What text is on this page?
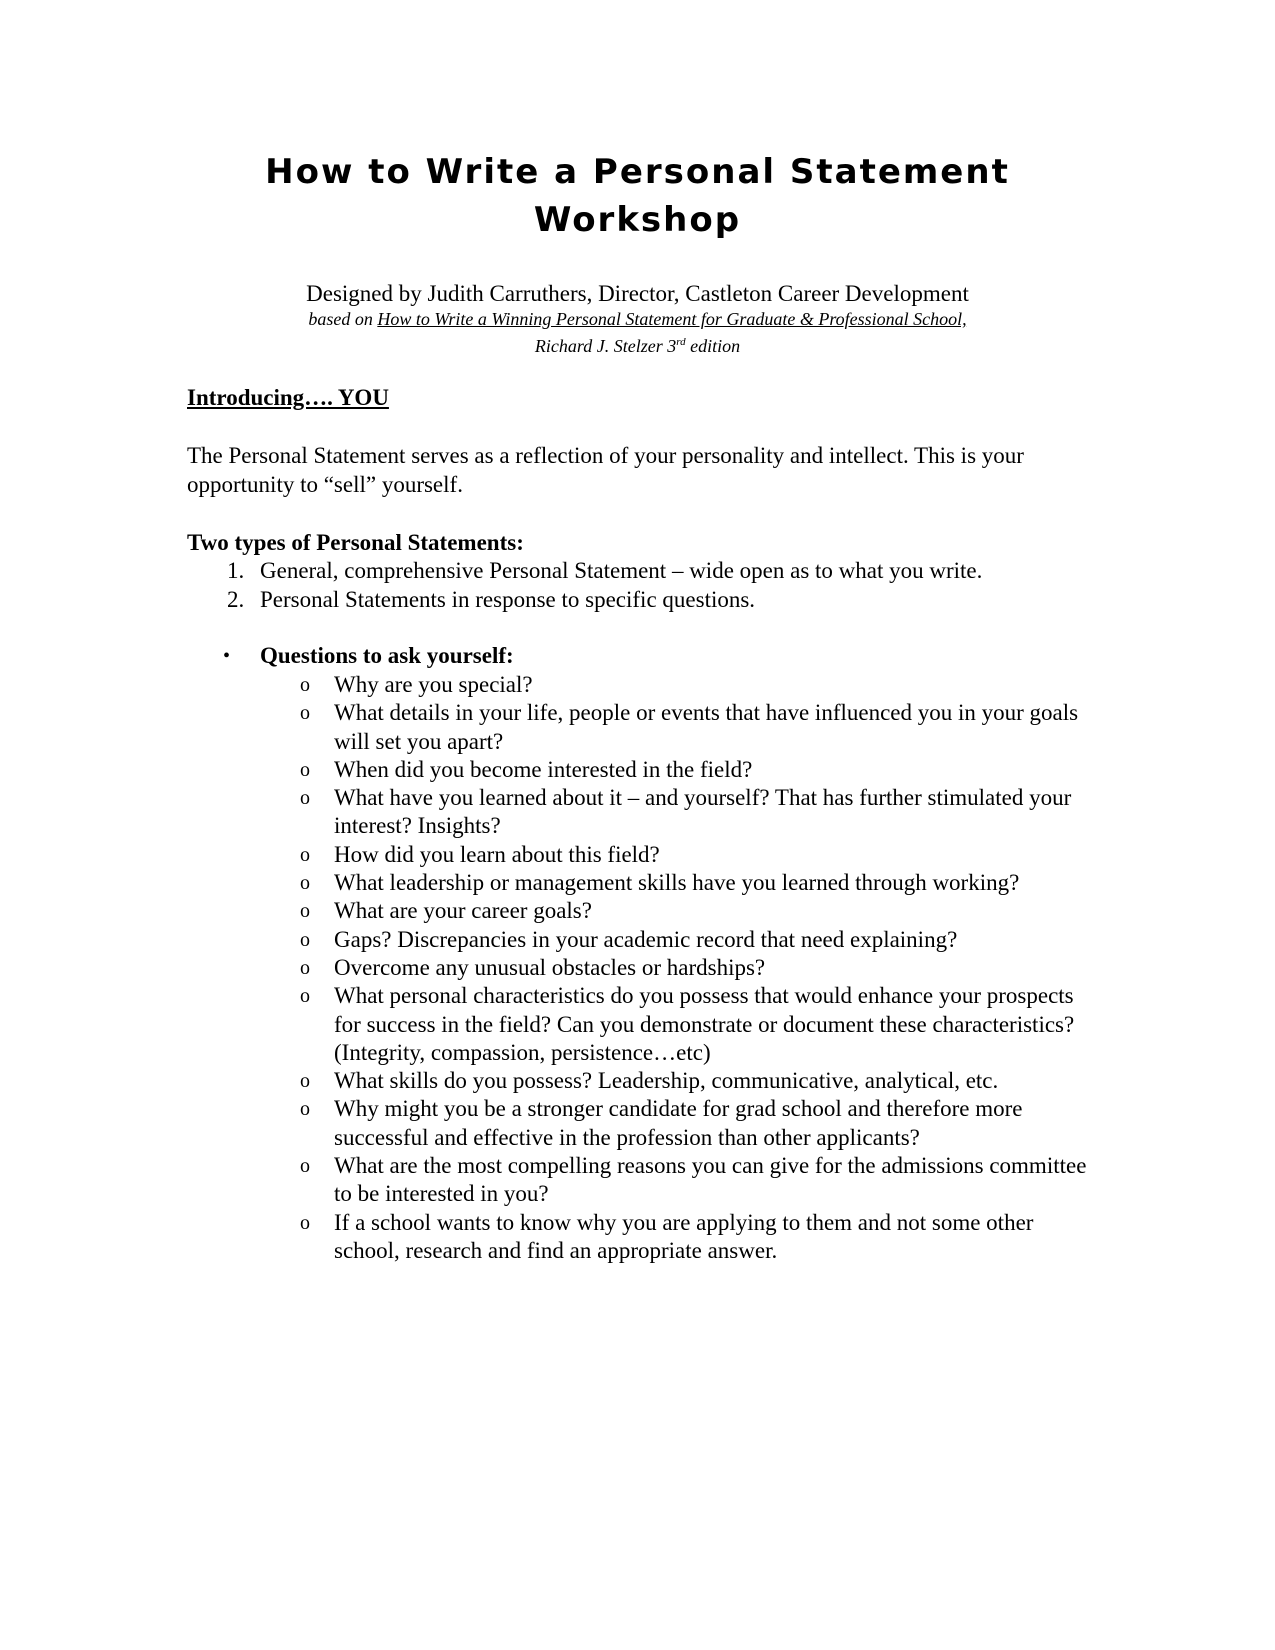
How to Write a Personal Statement
Workshop
Designed by Judith Carruthers, Director, Castleton Career Development
based on How to Write a Winning Personal Statement for Graduate & Professional School,
Richard J. Stelzer 3rd edition
Introducing…. YOU
The Personal Statement serves as a reflection of your personality and intellect. This is your opportunity to “sell” yourself.
Two types of Personal Statements:
1. General, comprehensive Personal Statement – wide open as to what you write.
2. Personal Statements in response to specific questions.
• Questions to ask yourself:
o Why are you special?
o What details in your life, people or events that have influenced you in your goals will set you apart?
o When did you become interested in the field?
o What have you learned about it – and yourself? That has further stimulated your interest? Insights?
o How did you learn about this field?
o What leadership or management skills have you learned through working?
o What are your career goals?
o Gaps? Discrepancies in your academic record that need explaining?
o Overcome any unusual obstacles or hardships?
o What personal characteristics do you possess that would enhance your prospects for success in the field? Can you demonstrate or document these characteristics? (Integrity, compassion, persistence…etc)
o What skills do you possess? Leadership, communicative, analytical, etc.
o Why might you be a stronger candidate for grad school and therefore more successful and effective in the profession than other applicants?
o What are the most compelling reasons you can give for the admissions committee to be interested in you?
o If a school wants to know why you are applying to them and not some other school, research and find an appropriate answer.
